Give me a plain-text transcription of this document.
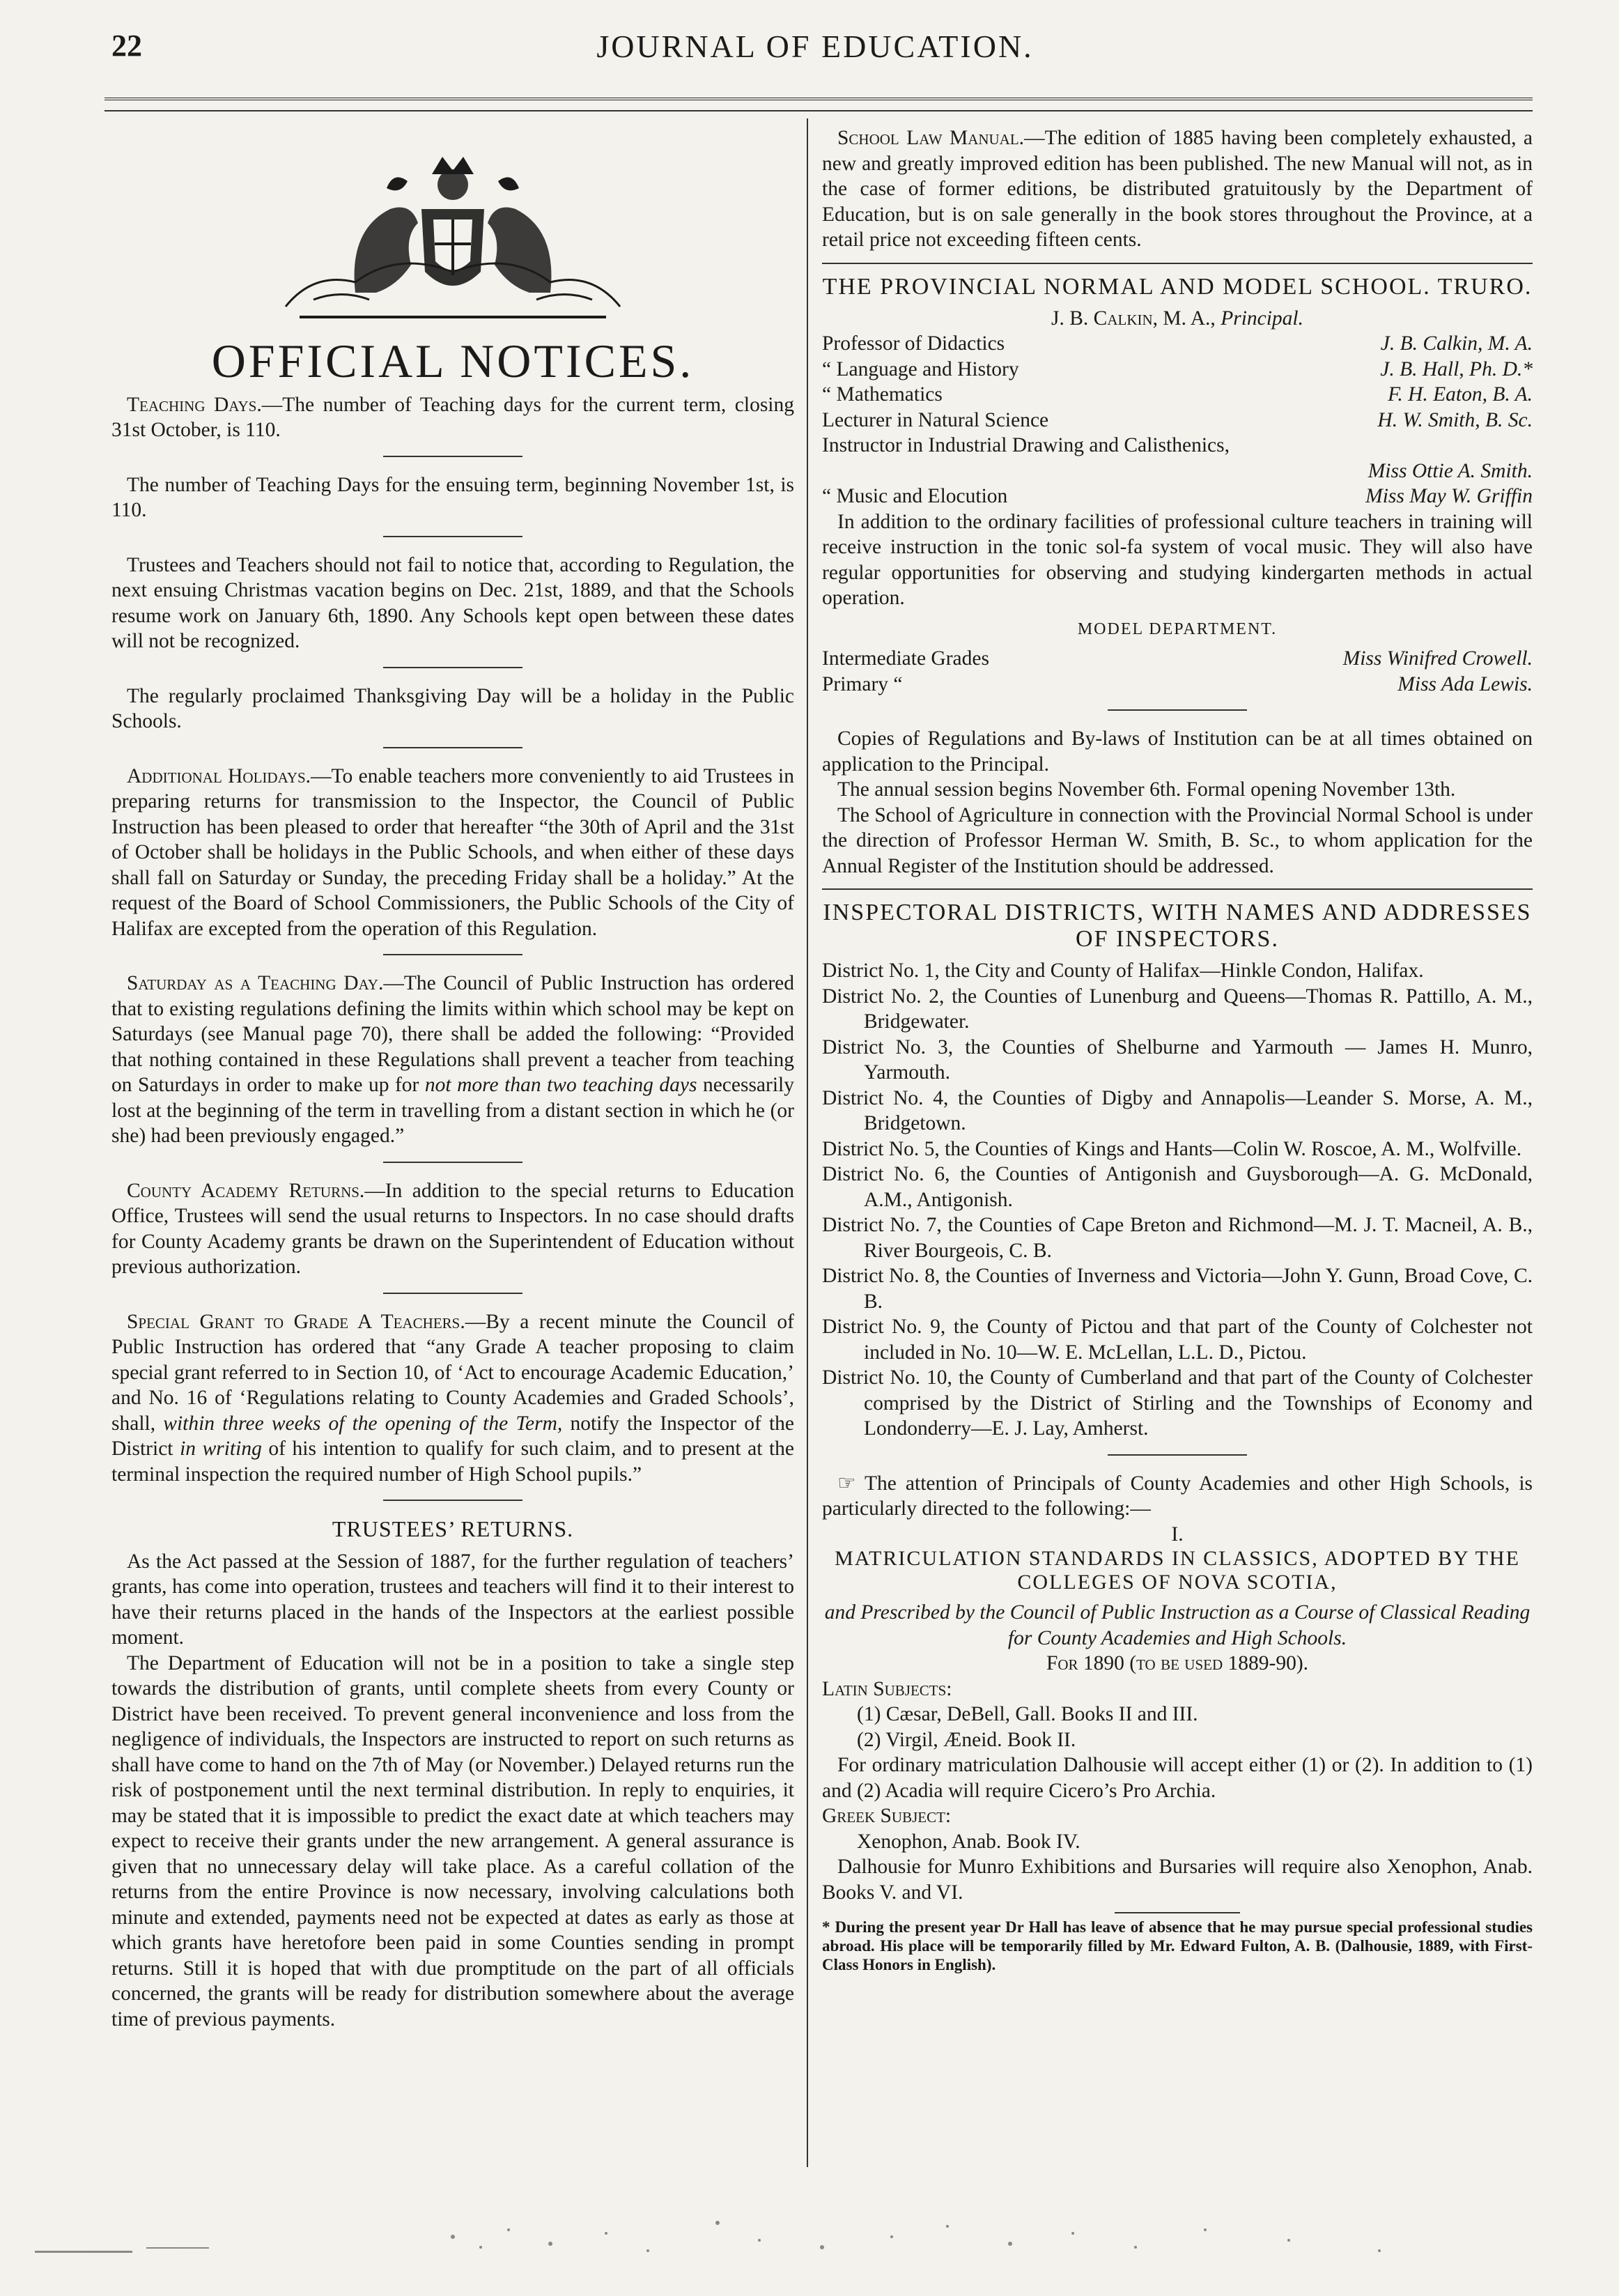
22	JOURNAL OF EDUCATION.
OFFICIAL NOTICES.

Teaching Days.—The number of Teaching days for the current term, closing 31st October, is 110.

The number of Teaching Days for the ensuing term, beginning November 1st, is 110.

Trustees and Teachers should not fail to notice that, according to Regulation, the next ensuing Christmas vacation begins on Dec. 21st, 1889, and that the Schools resume work on January 6th, 1890. Any Schools kept open between these dates will not be recognized.

The regularly proclaimed Thanksgiving Day will be a holiday in the Public Schools.

Additional Holidays.—To enable teachers more conveniently to aid Trustees in preparing returns for transmission to the Inspector, the Council of Public Instruction has been pleased to order that hereafter “the 30th of April and the 31st of October shall be holidays in the Public Schools, and when either of these days shall fall on Saturday or Sunday, the preceding Friday shall be a holiday.” At the request of the Board of School Commissioners, the Public Schools of the City of Halifax are excepted from the operation of this Regulation.

Saturday as a Teaching Day.—The Council of Public Instruction has ordered that to existing regulations defining the limits within which school may be kept on Saturdays (see Manual page 70), there shall be added the following: “Provided that nothing contained in these Regulations shall prevent a teacher from teaching on Saturdays in order to make up for not more than two teaching days necessarily lost at the beginning of the term in travelling from a distant section in which he (or she) had been previously engaged.”

County Academy Returns.—In addition to the special returns to Education Office, Trustees will send the usual returns to Inspectors. In no case should drafts for County Academy grants be drawn on the Superintendent of Education without previous authorization.

Special Grant to Grade A Teachers.—By a recent minute the Council of Public Instruction has ordered that “any Grade A teacher proposing to claim special grant referred to in Section 10, of ‘Act to encourage Academic Education,’ and No. 16 of ‘Regulations relating to County Academies and Graded Schools’, shall, within three weeks of the opening of the Term, notify the Inspector of the District in writing of his intention to qualify for such claim, and to present at the terminal inspection the required number of High School pupils.”

TRUSTEES’ RETURNS.

As the Act passed at the Session of 1887, for the further regulation of teachers’ grants, has come into operation, trustees and teachers will find it to their interest to have their returns placed in the hands of the Inspectors at the earliest possible moment.

The Department of Education will not be in a position to take a single step towards the distribution of grants, until complete sheets from every County or District have been received. To prevent general inconvenience and loss from the negligence of individuals, the Inspectors are instructed to report on such returns as shall have come to hand on the 7th of May (or November.) Delayed returns run the risk of postponement until the next terminal distribution. In reply to enquiries, it may be stated that it is impossible to predict the exact date at which teachers may expect to receive their grants under the new arrangement. A general assurance is given that no unnecessary delay will take place. As a careful collation of the returns from the entire Province is now necessary, involving calculations both minute and extended, payments need not be expected at dates as early as those at which grants have heretofore been paid in some Counties sending in prompt returns. Still it is hoped that with due promptitude on the part of all officials concerned, the grants will be ready for distribution somewhere about the average time of previous payments.

School Law Manual.—The edition of 1885 having been completely exhausted, a new and greatly improved edition has been published. The new Manual will not, as in the case of former editions, be distributed gratuitously by the Department of Education, but is on sale generally in the book stores throughout the Province, at a retail price not exceeding fifteen cents.

THE PROVINCIAL NORMAL AND MODEL SCHOOL. TRURO.
J. B. Calkin, M. A., Principal.
Professor of Didactics	J. B. Calkin, M. A.
“ Language and History	J. B. Hall, Ph. D.*
“ Mathematics	F. H. Eaton, B. A.
Lecturer in Natural Science	H. W. Smith, B. Sc.
Instructor in Industrial Drawing and Calisthenics,
Miss Ottie A. Smith.
“ Music and Elocution	Miss May W. Griffin

In addition to the ordinary facilities of professional culture teachers in training will receive instruction in the tonic sol-fa system of vocal music. They will also have regular opportunities for observing and studying kindergarten methods in actual operation.

MODEL DEPARTMENT.
Intermediate Grades	Miss Winifred Crowell.
Primary “	Miss Ada Lewis.

Copies of Regulations and By-laws of Institution can be at all times obtained on application to the Principal.

The annual session begins November 6th. Formal opening November 13th.

The School of Agriculture in connection with the Provincial Normal School is under the direction of Professor Herman W. Smith, B. Sc., to whom application for the Annual Register of the Institution should be addressed.

INSPECTORAL DISTRICTS, WITH NAMES AND ADDRESSES OF INSPECTORS.

District No. 1, the City and County of Halifax—Hinkle Condon, Halifax.

District No. 2, the Counties of Lunenburg and Queens—Thomas R. Pattillo, A. M., Bridgewater.

District No. 3, the Counties of Shelburne and Yarmouth — James H. Munro, Yarmouth.

District No. 4, the Counties of Digby and Annapolis—Leander S. Morse, A. M., Bridgetown.

District No. 5, the Counties of Kings and Hants—Colin W. Roscoe, A. M., Wolfville.

District No. 6, the Counties of Antigonish and Guysborough—A. G. McDonald, A.M., Antigonish.

District No. 7, the Counties of Cape Breton and Richmond—M. J. T. Macneil, A. B., River Bourgeois, C. B.

District No. 8, the Counties of Inverness and Victoria—John Y. Gunn, Broad Cove, C. B.

District No. 9, the County of Pictou and that part of the County of Colchester not included in No. 10—W. E. McLellan, L.L. D., Pictou.

District No. 10, the County of Cumberland and that part of the County of Colchester comprised by the District of Stirling and the Townships of Economy and Londonderry—E. J. Lay, Amherst.

☞ The attention of Principals of County Academies and other High Schools, is particularly directed to the following:—

I.
MATRICULATION STANDARDS IN CLASSICS, ADOPTED BY THE COLLEGES OF NOVA SCOTIA,
and Prescribed by the Council of Public Instruction as a Course of Classical Reading for County Academies and High Schools.
For 1890 (to be used 1889-90).
Latin Subjects:
(1) Cæsar, DeBell, Gall. Books II and III.
(2) Virgil, Æneid. Book II.

For ordinary matriculation Dalhousie will accept either (1) or (2). In addition to (1) and (2) Acadia will require Cicero’s Pro Archia.

Greek Subject:
Xenophon, Anab. Book IV.

Dalhousie for Munro Exhibitions and Bursaries will require also Xenophon, Anab. Books V. and VI.

* During the present year Dr Hall has leave of absence that he may pursue special professional studies abroad. His place will be temporarily filled by Mr. Edward Fulton, A. B. (Dalhousie, 1889, with First-Class Honors in English).
